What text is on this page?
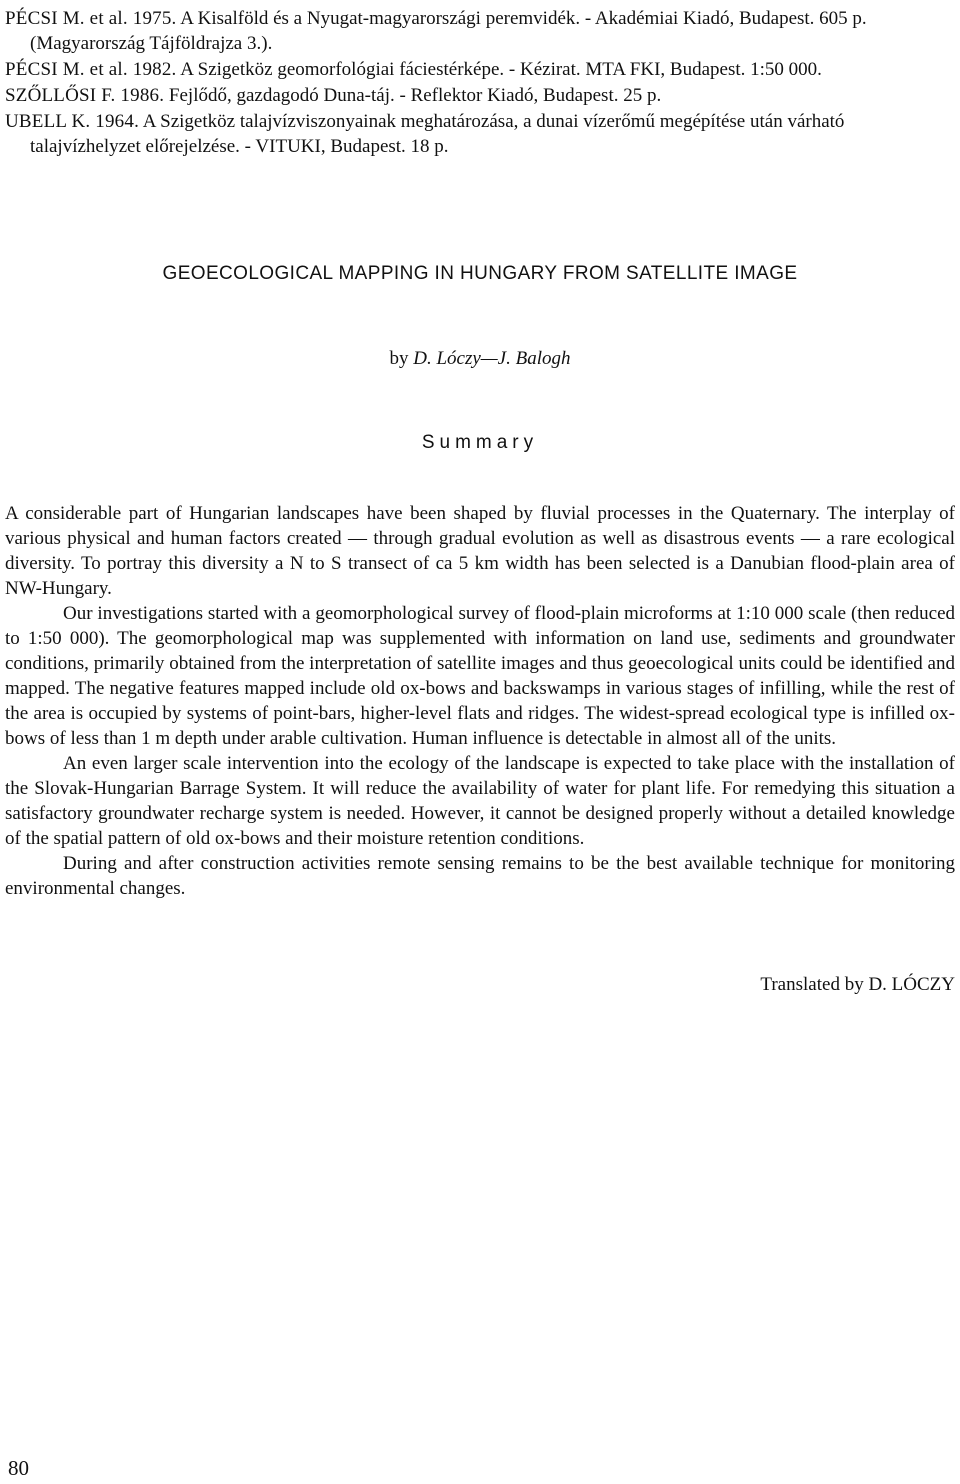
PÉCSI M. et al. 1975. A Kisalföld és a Nyugat-magyarországi peremvidék. - Akadémiai Kiadó, Budapest. 605 p. (Magyarország Tájföldrajza 3.).
PÉCSI M. et al. 1982. A Szigetköz geomorfológiai fáciestérképe. - Kézirat. MTA FKI, Budapest. 1:50 000.
SZŐLLŐSI F. 1986. Fejlődő, gazdagodó Duna-táj. - Reflektor Kiadó, Budapest. 25 p.
UBELL K. 1964. A Szigetköz talajvízviszonyainak meghatározása, a dunai vízerőmű megépítése után várható talajvízhelyzet előrejelzése. - VITUKI, Budapest. 18 p.
GEOECOLOGICAL MAPPING IN HUNGARY FROM SATELLITE IMAGE
by D. Lóczy—J. Balogh
Summary

A considerable part of Hungarian landscapes have been shaped by fluvial processes in the Quaternary. The interplay of various physical and human factors created — through gradual evolution as well as disastrous events — a rare ecological diversity. To portray this diversity a N to S transect of ca 5 km width has been selected is a Danubian flood-plain area of NW-Hungary.

Our investigations started with a geomorphological survey of flood-plain microforms at 1:10 000 scale (then reduced to 1:50 000). The geomorphological map was supplemented with information on land use, sediments and groundwater conditions, primarily obtained from the interpretation of satellite images and thus geoecological units could be identified and mapped. The negative features mapped include old ox-bows and backswamps in various stages of infilling, while the rest of the area is occupied by systems of point-bars, higher-level flats and ridges. The widest-spread ecological type is infilled ox-bows of less than 1 m depth under arable cultivation. Human influence is detectable in almost all of the units.

An even larger scale intervention into the ecology of the landscape is expected to take place with the installation of the Slovak-Hungarian Barrage System. It will reduce the availability of water for plant life. For remedying this situation a satisfactory groundwater recharge system is needed. However, it cannot be designed properly without a detailed knowledge of the spatial pattern of old ox-bows and their moisture retention conditions.

During and after construction activities remote sensing remains to be the best available technique for monitoring environmental changes.

Translated by D. LÓCZY
80
